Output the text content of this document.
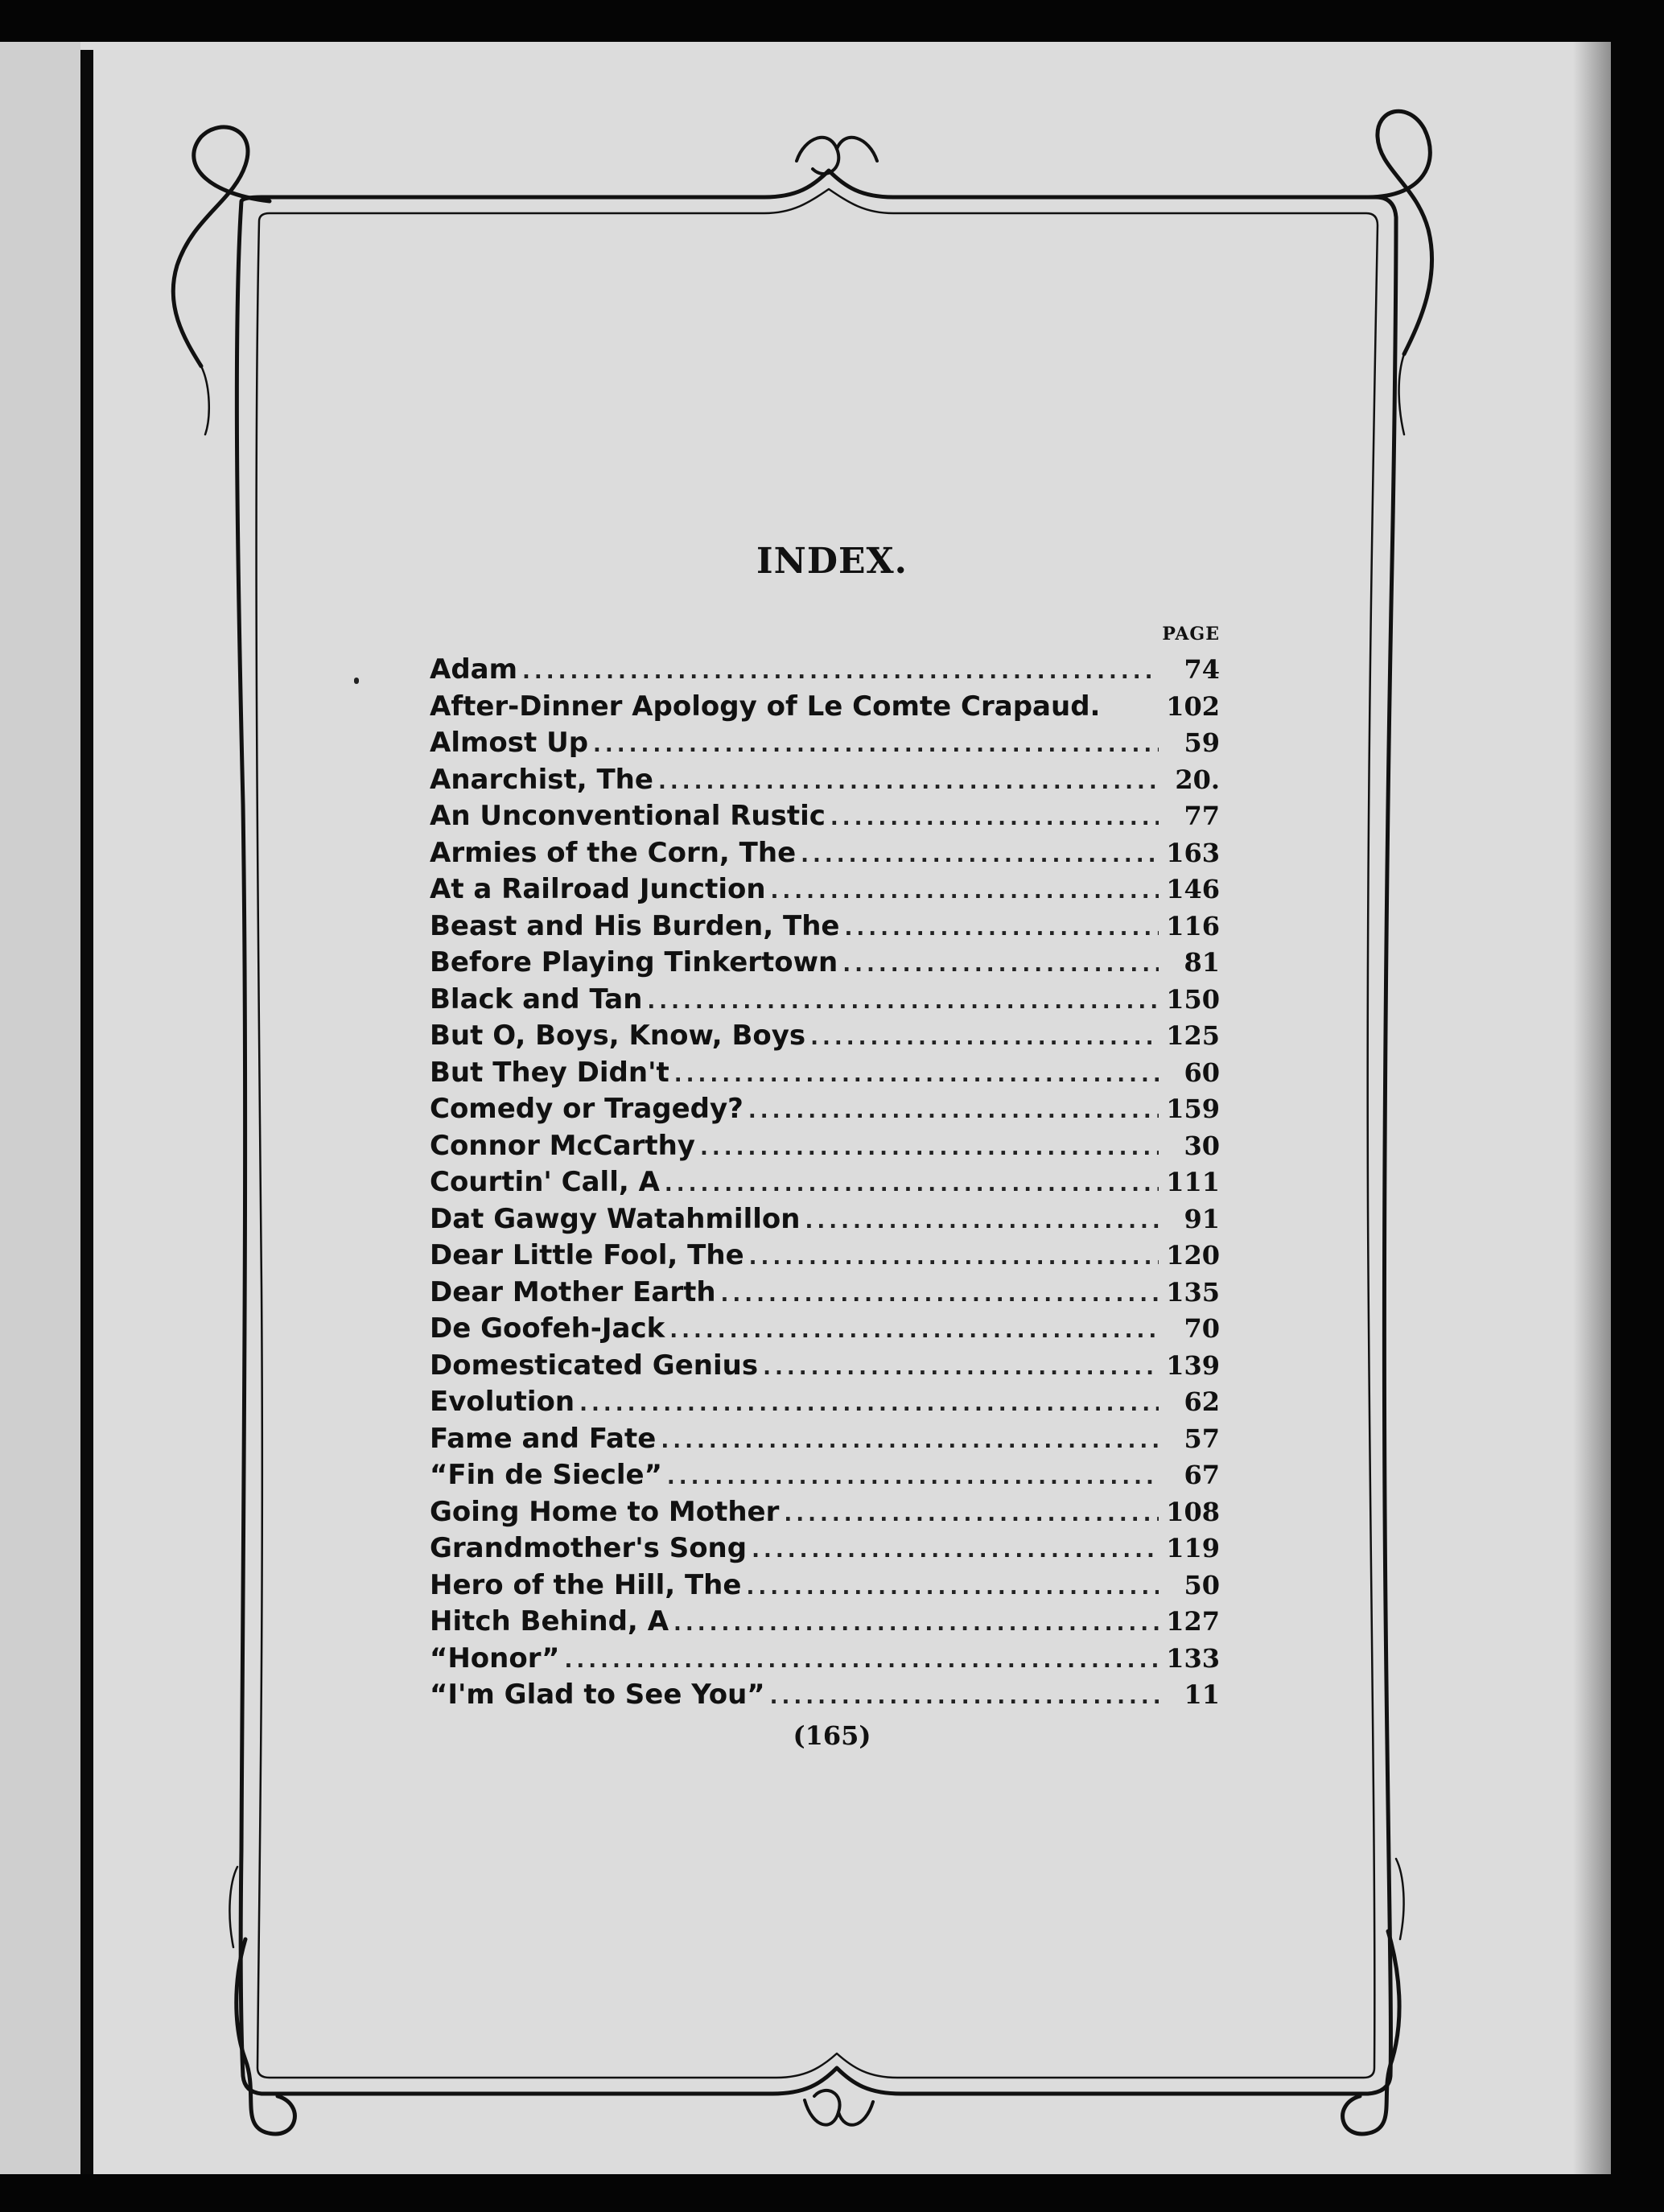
INDEX.
PAGE
Adam .....	74
After-Dinner Apology of Le Comte Crapaud.	102
Almost Up .....	59
Anarchist, The .....	20.
An Unconventional Rustic .....	77
Armies of the Corn, The .....	163
At a Railroad Junction .....	146
Beast and His Burden, The .....	116
Before Playing Tinkertown .....	81
Black and Tan .....	150
But O, Boys, Know, Boys .....	125
But They Didn't .....	60
Comedy or Tragedy? .....	159
Connor McCarthy .....	30
Courtin' Call, A .....	111
Dat Gawgy Watahmillon .....	91
Dear Little Fool, The .....	120
Dear Mother Earth .....	135
De Goofeh-Jack .....	70
Domesticated Genius .....	139
Evolution .....	62
Fame and Fate .....	57
“Fin de Siecle” .....	67
Going Home to Mother .....	108
Grandmother's Song .....	119
Hero of the Hill, The .....	50
Hitch Behind, A .....	127
“Honor” .....	133
“I'm Glad to See You” .....	11
(165)
